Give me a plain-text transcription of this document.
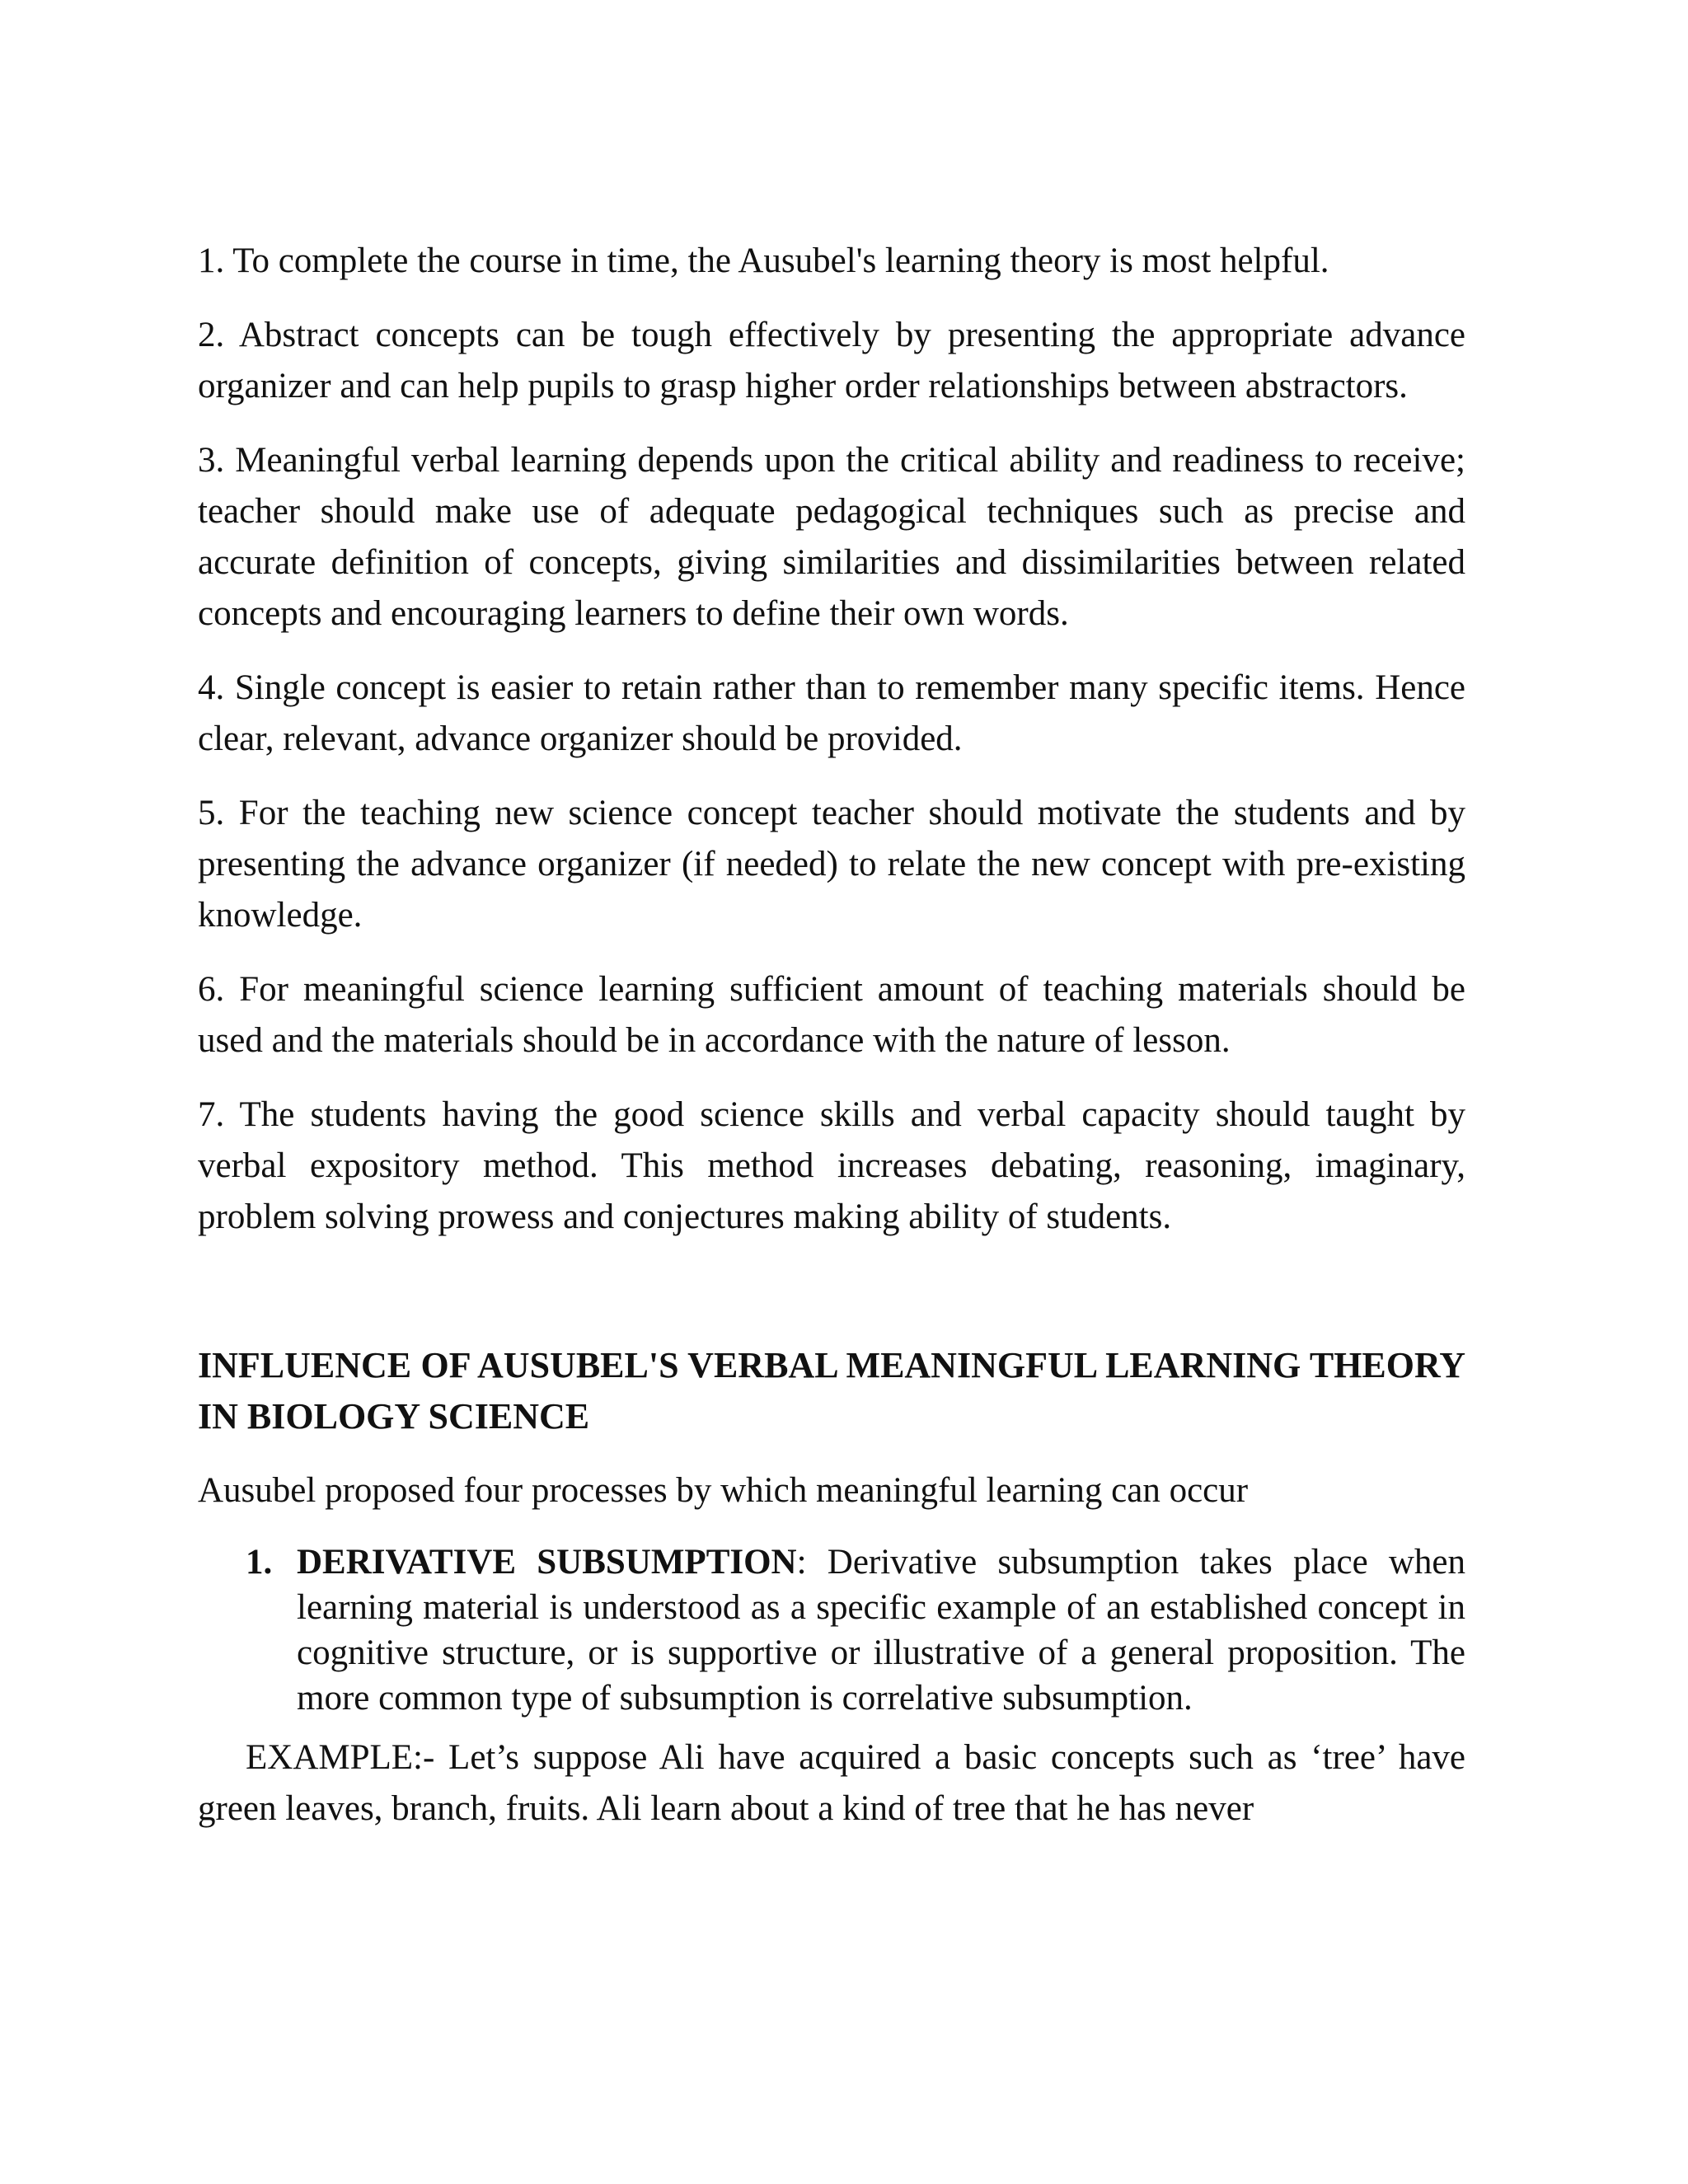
1. To complete the course in time, the Ausubel's learning theory is most helpful.

2. Abstract concepts can be tough effectively by presenting the appropriate advance organizer and can help pupils to grasp higher order relationships between abstractors.

3. Meaningful verbal learning depends upon the critical ability and readiness to receive; teacher should make use of adequate pedagogical techniques such as precise and accurate definition of concepts, giving similarities and dissimilarities between related concepts and encouraging learners to define their own words.

4. Single concept is easier to retain rather than to remember many specific items. Hence clear, relevant, advance organizer should be provided.

5. For the teaching new science concept teacher should motivate the students and by presenting the advance organizer (if needed) to relate the new concept with pre-existing knowledge.

6. For meaningful science learning sufficient amount of teaching materials should be used and the materials should be in accordance with the nature of lesson.

7. The students having the good science skills and verbal capacity should taught by verbal expository method. This method increases debating, reasoning, imaginary, problem solving prowess and conjectures making ability of students.

INFLUENCE OF AUSUBEL'S VERBAL MEANINGFUL LEARNING THEORY IN BIOLOGY SCIENCE

Ausubel proposed four processes by which meaningful learning can occur

1. DERIVATIVE SUBSUMPTION: Derivative subsumption takes place when learning material is understood as a specific example of an established concept in cognitive structure, or is supportive or illustrative of a general proposition. The more common type of subsumption is correlative subsumption.

EXAMPLE:- Let’s suppose Ali have acquired a basic concepts such as ‘tree’ have green leaves, branch, fruits. Ali learn about a kind of tree that he has never
